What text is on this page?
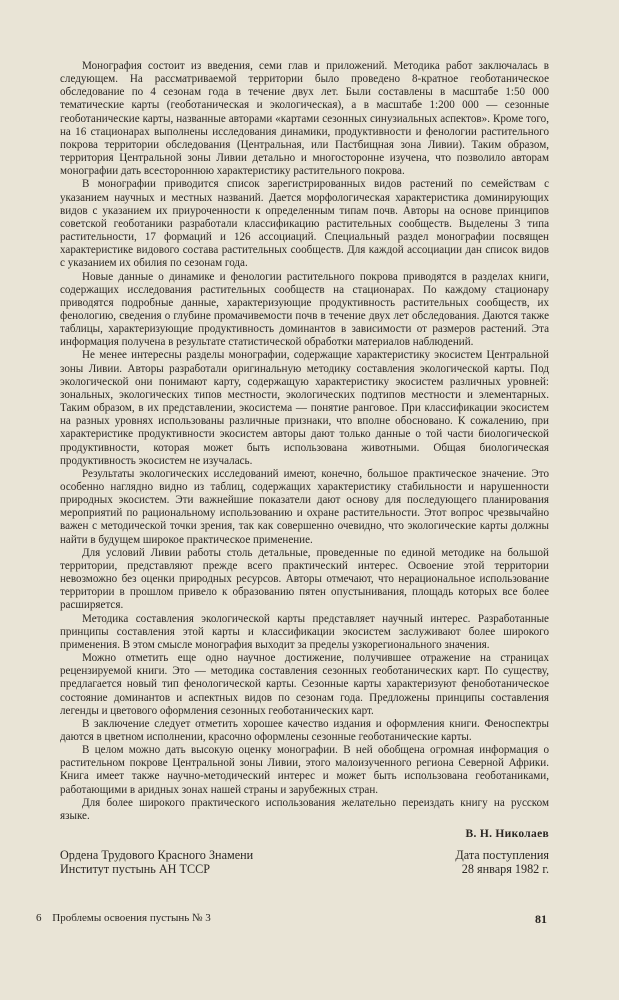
Монография состоит из введения, семи глав и приложений. Методика работ заключалась в следующем. На рассматриваемой территории было проведено 8-кратное геоботаническое обследование по 4 сезонам года в течение двух лет. Были составлены в масштабе 1:50 000 тематические карты (геоботаническая и экологическая), а в масштабе 1:200 000 — сезонные геоботанические карты, названные авторами «картами сезонных синузиальных аспектов». Кроме того, на 16 стационарах выполнены исследования динамики, продуктивности и фенологии растительного покрова территории обследования (Центральная, или Пастбищная зона Ливии). Таким образом, территория Центральной зоны Ливии детально и многосторонне изучена, что позволило авторам монографии дать всестороннюю характеристику растительного покрова.

В монографии приводится список зарегистрированных видов растений по семействам с указанием научных и местных названий. Дается морфологическая характеристика доминирующих видов с указанием их приуроченности к определенным типам почв. Авторы на основе принципов советской геоботаники разработали классификацию растительных сообществ. Выделены 3 типа растительности, 17 формаций и 126 ассоциаций. Специальный раздел монографии посвящен характеристике видового состава растительных сообществ. Для каждой ассоциации дан список видов с указанием их обилия по сезонам года.

Новые данные о динамике и фенологии растительного покрова приводятся в разделах книги, содержащих исследования растительных сообществ на стационарах. По каждому стационару приводятся подробные данные, характеризующие продуктивность растительных сообществ, их фенологию, сведения о глубине промачивемости почв в течение двух лет обследования. Даются также таблицы, характеризующие продуктивность доминантов в зависимости от размеров растений. Эта информация получена в результате статистической обработки материалов наблюдений.

Не менее интересны разделы монографии, содержащие характеристику экосистем Центральной зоны Ливии. Авторы разработали оригинальную методику составления экологической карты. Под экологической они понимают карту, содержащую характеристику экосистем различных уровней: зональных, экологических типов местности, экологических подтипов местности и элементарных. Таким образом, в их представлении, экосистема — понятие ранговое. При классификации экосистем на разных уровнях использованы различные признаки, что вполне обосновано. К сожалению, при характеристике продуктивности экосистем авторы дают только данные о той части биологической продуктивности, которая может быть использована животными. Общая биологическая продуктивность экосистем не изучалась.

Результаты экологических исследований имеют, конечно, большое практическое значение. Это особенно наглядно видно из таблиц, содержащих характеристику стабильности и нарушенности природных экосистем. Эти важнейшие показатели дают основу для последующего планирования мероприятий по рациональному использованию и охране растительности. Этот вопрос чрезвычайно важен с методической точки зрения, так как совершенно очевидно, что экологические карты должны найти в будущем широкое практическое применение.

Для условий Ливии работы столь детальные, проведенные по единой методике на большой территории, представляют прежде всего практический интерес. Освоение этой территории невозможно без оценки природных ресурсов. Авторы отмечают, что нерациональное использование территории в прошлом привело к образованию пятен опустынивания, площадь которых все более расширяется.

Методика составления экологической карты представляет научный интерес. Разработанные принципы составления этой карты и классификации экосистем заслуживают более широкого применения. В этом смысле монография выходит за пределы узкорегионального значения.

Можно отметить еще одно научное достижение, получившее отражение на страницах рецензируемой книги. Это — методика составления сезонных геоботанических карт. По существу, предлагается новый тип фенологической карты. Сезонные карты характеризуют феноботаническое состояние доминантов и аспектных видов по сезонам года. Предложены принципы составления легенды и цветового оформления сезонных геоботанических карт.

В заключение следует отметить хорошее качество издания и оформления книги. Феноспектры даются в цветном исполнении, красочно оформлены сезонные геоботанические карты.

В целом можно дать высокую оценку монографии. В ней обобщена огромная информация о растительном покрове Центральной зоны Ливии, этого малоизученного региона Северной Африки. Книга имеет также научно-методический интерес и может быть использована геоботаниками, работающими в аридных зонах нашей страны и зарубежных стран.

Для более широкого практического использования желательно переиздать книгу на русском языке.

В. Н. Николаев
Ордена Трудового Красного Знамени
Институт пустынь АН ТССР
Дата поступления
28 января 1982 г.
6 Проблемы освоения пустынь № 3	81
